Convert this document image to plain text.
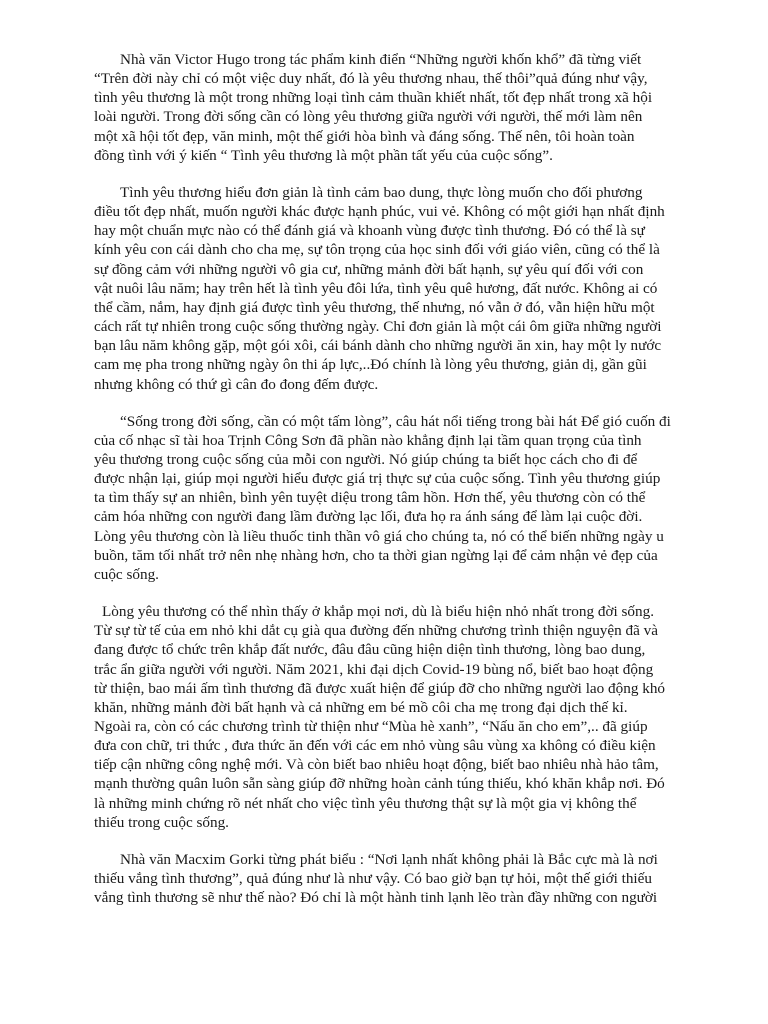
Nhà văn Victor Hugo trong tác phẩm kinh điển “Những người khốn khổ” đã từng viết
“Trên đời này chỉ có một việc duy nhất, đó là yêu thương nhau, thế thôi”quả đúng như vậy,
tình yêu thương là một trong những loại tình cảm thuần khiết nhất, tốt đẹp nhất trong xã hội
loài người. Trong đời sống cần có lòng yêu thương giữa người với người, thế mới làm nên
một xã hội tốt đẹp, văn minh, một thế giới hòa bình và đáng sống. Thế nên, tôi hoàn toàn
đồng tình với ý kiến “ Tình yêu thương là một phần tất yếu của cuộc sống”.

Tình yêu thương hiểu đơn giản là tình cảm bao dung, thực lòng muốn cho đối phương
điều tốt đẹp nhất, muốn người khác được hạnh phúc, vui vẻ. Không có một giới hạn nhất định
hay một chuẩn mực nào có thể đánh giá và khoanh vùng được tình thương. Đó có thể là sự
kính yêu con cái dành cho cha mẹ, sự tôn trọng của học sinh đối với giáo viên, cũng có thể là
sự đồng cảm với những người vô gia cư, những mảnh đời bất hạnh, sự yêu quí đối với con
vật nuôi lâu năm; hay trên hết là tình yêu đôi lứa, tình yêu quê hương, đất nước. Không ai có
thể cầm, nắm, hay định giá được tình yêu thương, thế nhưng, nó vẫn ở đó, vẫn hiện hữu một
cách rất tự nhiên trong cuộc sống thường ngày. Chỉ đơn giản là một cái ôm giữa những người
bạn lâu năm không gặp, một gói xôi, cái bánh dành cho những người ăn xin, hay một ly nước
cam mẹ pha trong những ngày ôn thi áp lực,..Đó chính là lòng yêu thương, giản dị, gần gũi
nhưng không có thứ gì cân đo đong đếm được.

“Sống trong đời sống, cần có một tấm lòng”, câu hát nổi tiếng trong bài hát Để gió cuốn đi
của cố nhạc sĩ tài hoa Trịnh Công Sơn đã phần nào khẳng định lại tầm quan trọng của tình
yêu thương trong cuộc sống của mỗi con người. Nó giúp chúng ta biết học cách cho đi để
được nhận lại, giúp mọi người hiểu được giá trị thực sự của cuộc sống. Tình yêu thương giúp
ta tìm thấy sự an nhiên, bình yên tuyệt diệu trong tâm hồn. Hơn thế, yêu thương còn có thể
cảm hóa những con người đang lầm đường lạc lối, đưa họ ra ánh sáng để làm lại cuộc đời.
Lòng yêu thương còn là liều thuốc tinh thần vô giá cho chúng ta, nó có thể biến những ngày u
buồn, tăm tối nhất trở nên nhẹ nhàng hơn, cho ta thời gian ngừng lại để cảm nhận vẻ đẹp của
cuộc sống.

Lòng yêu thương có thể nhìn thấy ở khắp mọi nơi, dù là biểu hiện nhỏ nhất trong đời sống.
Từ sự từ tế của em nhỏ khi dắt cụ già qua đường đến những chương trình thiện nguyện đã và
đang được tổ chức trên khắp đất nước, đâu đâu cũng hiện diện tình thương, lòng bao dung,
trắc ẩn giữa người với người. Năm 2021, khi đại dịch Covid-19 bùng nổ, biết bao hoạt động
từ thiện, bao mái ấm tình thương đã được xuất hiện để giúp đỡ cho những người lao động khó
khăn, những mảnh đời bất hạnh và cả những em bé mồ côi cha mẹ trong đại dịch thế kỉ.
Ngoài ra, còn có các chương trình từ thiện như “Mùa hè xanh”, “Nấu ăn cho em”,.. đã giúp
đưa con chữ, tri thức , đưa thức ăn đến với các em nhỏ vùng sâu vùng xa không có điều kiện
tiếp cận những công nghệ mới. Và còn biết bao nhiêu hoạt động, biết bao nhiêu nhà hảo tâm,
mạnh thường quân luôn sẵn sàng giúp đỡ những hoàn cảnh túng thiếu, khó khăn khắp nơi. Đó
là những minh chứng rõ nét nhất cho việc tình yêu thương thật sự là một gia vị không thể
thiếu trong cuộc sống.

Nhà văn Macxim Gorki từng phát biểu : “Nơi lạnh nhất không phải là Bắc cực mà là nơi
thiếu vắng tình thương”, quả đúng như là như vậy. Có bao giờ bạn tự hỏi, một thế giới thiếu
vắng tình thương sẽ như thế nào? Đó chỉ là một hành tinh lạnh lẽo tràn đầy những con người
